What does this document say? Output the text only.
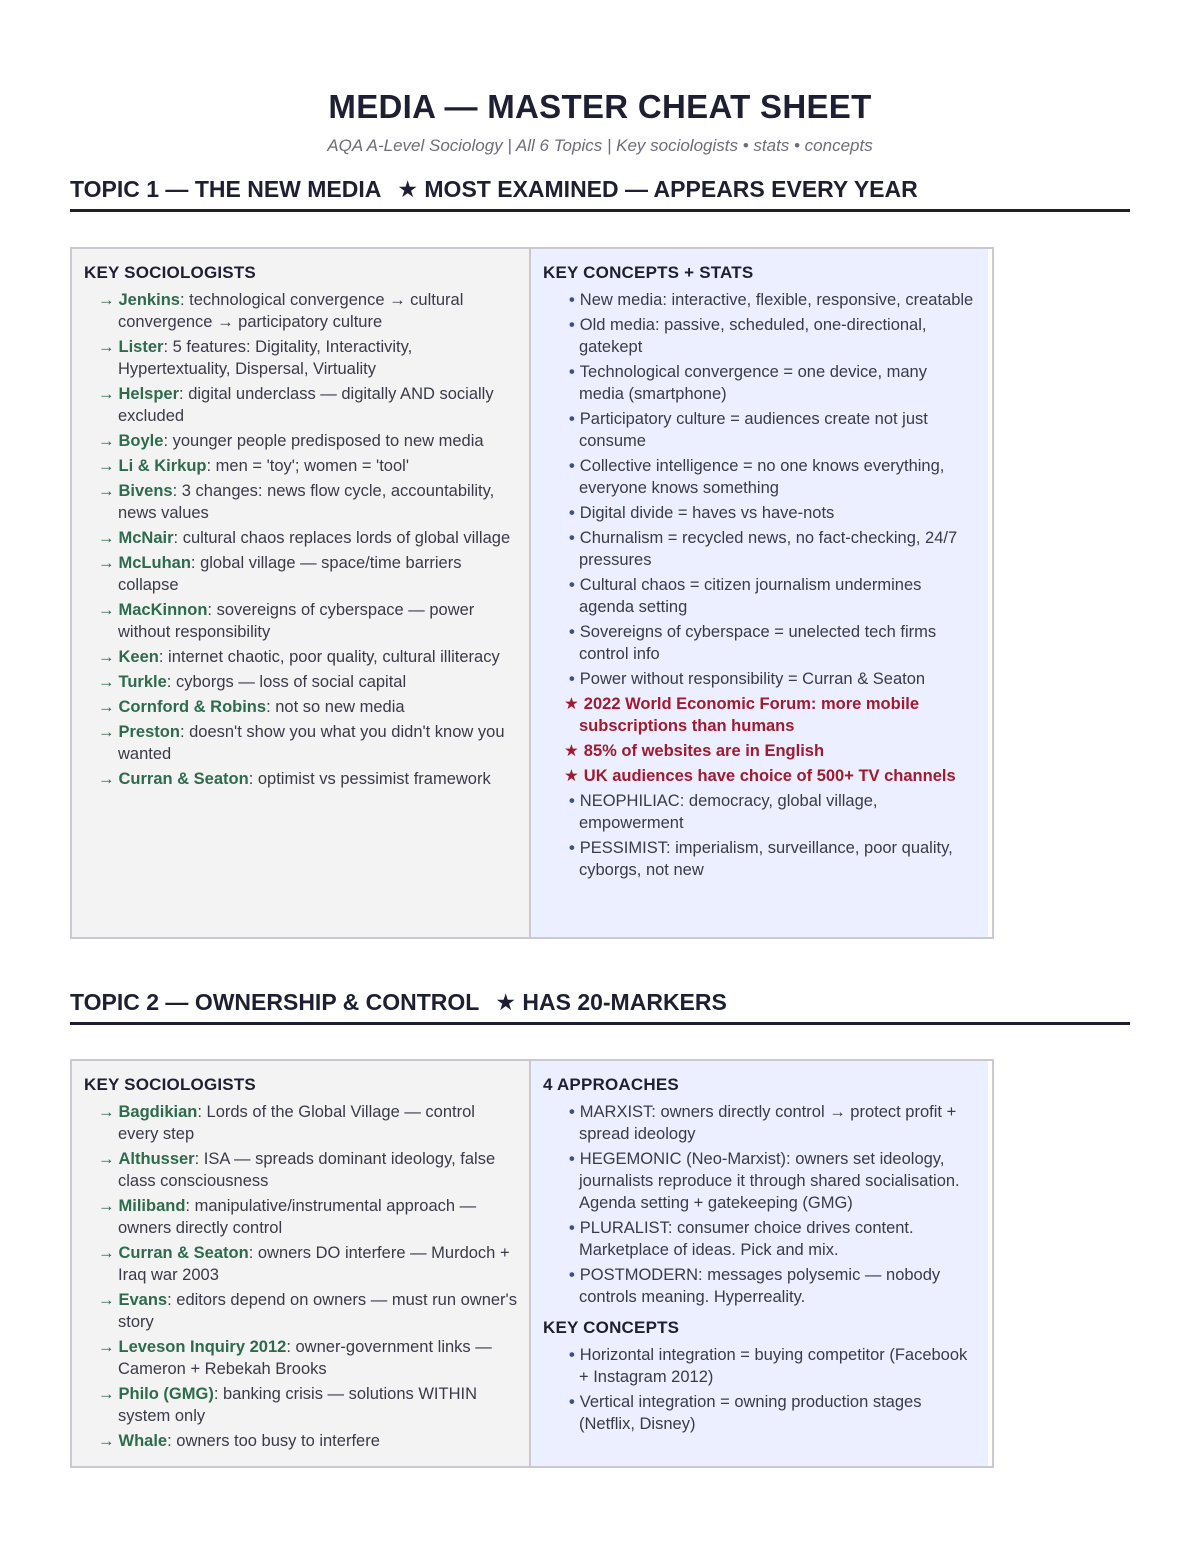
MEDIA — MASTER CHEAT SHEET
AQA A-Level Sociology | All 6 Topics | Key sociologists • stats • concepts
TOPIC 1 — THE NEW MEDIA ★ MOST EXAMINED — APPEARS EVERY YEAR
KEY SOCIOLOGISTS
→ Jenkins: technological convergence → cultural convergence → participatory culture
→ Lister: 5 features: Digitality, Interactivity, Hypertextuality, Dispersal, Virtuality
→ Helsper: digital underclass — digitally AND socially excluded
→ Boyle: younger people predisposed to new media
→ Li & Kirkup: men = 'toy'; women = 'tool'
→ Bivens: 3 changes: news flow cycle, accountability, news values
→ McNair: cultural chaos replaces lords of global village
→ McLuhan: global village — space/time barriers collapse
→ MacKinnon: sovereigns of cyberspace — power without responsibility
→ Keen: internet chaotic, poor quality, cultural illiteracy
→ Turkle: cyborgs — loss of social capital
→ Cornford & Robins: not so new media
→ Preston: doesn't show you what you didn't know you wanted
→ Curran & Seaton: optimist vs pessimist framework
KEY CONCEPTS + STATS
• New media: interactive, flexible, responsive, creatable
• Old media: passive, scheduled, one-directional, gatekept
• Technological convergence = one device, many media (smartphone)
• Participatory culture = audiences create not just consume
• Collective intelligence = no one knows everything, everyone knows something
• Digital divide = haves vs have-nots
• Churnalism = recycled news, no fact-checking, 24/7 pressures
• Cultural chaos = citizen journalism undermines agenda setting
• Sovereigns of cyberspace = unelected tech firms control info
• Power without responsibility = Curran & Seaton
★ 2022 World Economic Forum: more mobile subscriptions than humans
★ 85% of websites are in English
★ UK audiences have choice of 500+ TV channels
• NEOPHILIAC: democracy, global village, empowerment
• PESSIMIST: imperialism, surveillance, poor quality, cyborgs, not new
TOPIC 2 — OWNERSHIP & CONTROL ★ HAS 20-MARKERS
KEY SOCIOLOGISTS
→ Bagdikian: Lords of the Global Village — control every step
→ Althusser: ISA — spreads dominant ideology, false class consciousness
→ Miliband: manipulative/instrumental approach — owners directly control
→ Curran & Seaton: owners DO interfere — Murdoch + Iraq war 2003
→ Evans: editors depend on owners — must run owner's story
→ Leveson Inquiry 2012: owner-government links — Cameron + Rebekah Brooks
→ Philo (GMG): banking crisis — solutions WITHIN system only
→ Whale: owners too busy to interfere
4 APPROACHES
• MARXIST: owners directly control → protect profit + spread ideology
• HEGEMONIC (Neo-Marxist): owners set ideology, journalists reproduce it through shared socialisation. Agenda setting + gatekeeping (GMG)
• PLURALIST: consumer choice drives content. Marketplace of ideas. Pick and mix.
• POSTMODERN: messages polysemic — nobody controls meaning. Hyperreality.
KEY CONCEPTS
• Horizontal integration = buying competitor (Facebook + Instagram 2012)
• Vertical integration = owning production stages (Netflix, Disney)
